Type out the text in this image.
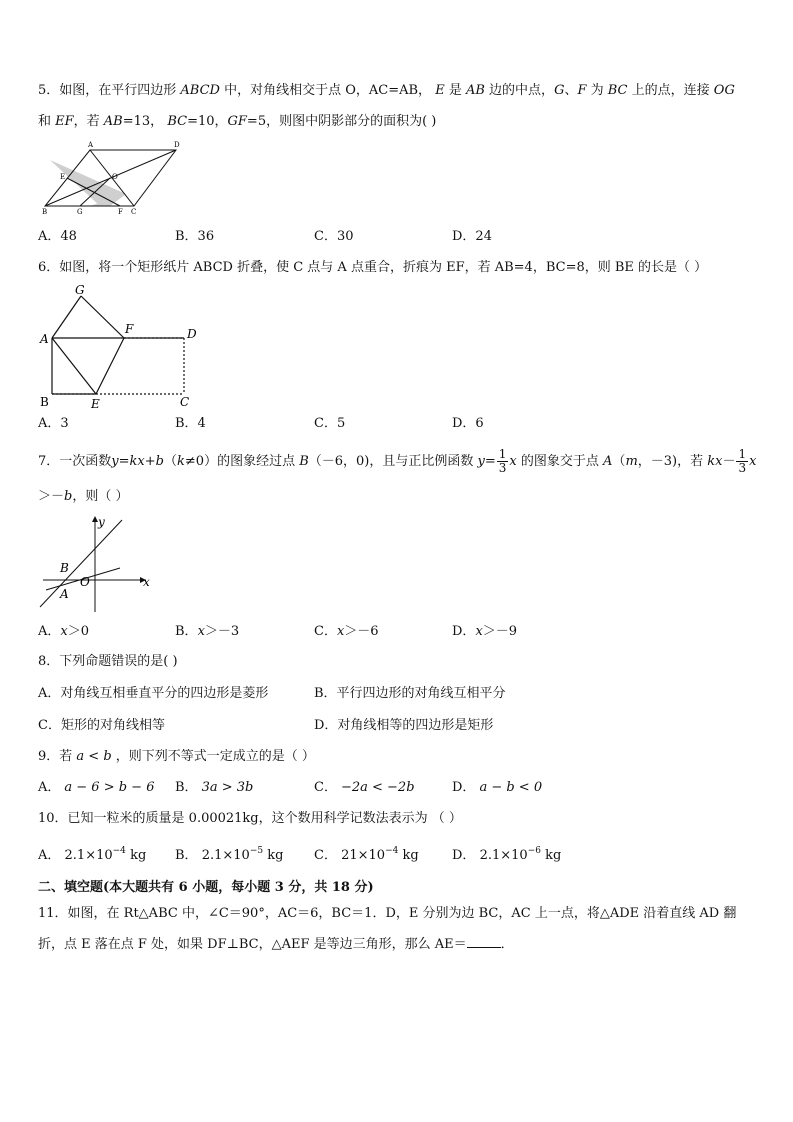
5．如图，在平行四边形 ABCD 中，对角线相交于点 O，AC=AB， E 是 AB 边的中点，G、F 为 BC 上的点，连接 OG
和 EF，若 AB=13， BC=10，GF=5，则图中阴影部分的面积为( )
A	D
E	O
B	G	F C
A．48	B．36	C．30	D．24
6．如图，将一个矩形纸片 ABCD 折叠，使 C 点与 A 点重合，折痕为 EF，若 AB=4，BC=8，则 BE 的长是（ ）
G
A
F	D
B	E	C
A．3	B．4	C．5	D．6
7．一次函数y=kx+b（k≠0）的图象经过点 B（－6，0)，且与正比例函数 $y= \frac{1}{3}$ x 的图象交于点 A（m，－3)，若 $kx- \frac{1}{3}$ x
＞－b，则（ ）
y
x
B
O
A
A．x＞0	B．x＞－3	C．x＞－6	D．x＞－9
8．下列命题错误的是( )
A．对角线互相垂直平分的四边形是菱形	B．平行四边形的对角线互相平分
C．矩形的对角线相等	D．对角线相等的四边形是矩形
9．若 a < b ，则下列不等式一定成立的是（ ）
A． a − 6 > b − 6 B． 3a > 3b	C． −2a < −2b	D． a − b < 0
10．已知一粒米的质量是 0.00021kg，这个数用科学记数法表示为 （ ）
A． $2.1\times 10^{-4}$ kg B． $2.1\times 10^{-5}$ kg C． $21\times 10^{-4}$ kg	D． $2.1\times 10^{-6}$ kg
二、填空题(本大题共有 6 小题，每小题 3 分，共 18 分)
11．如图，在 Rt△ABC 中，∠C＝90°，AC＝6，BC＝1．D，E 分别为边 BC，AC 上一点，将△ADE 沿着直线 AD 翻
折，点 E 落在点 F 处，如果 DF⊥BC，△AEF 是等边三角形，那么 AE＝	．
